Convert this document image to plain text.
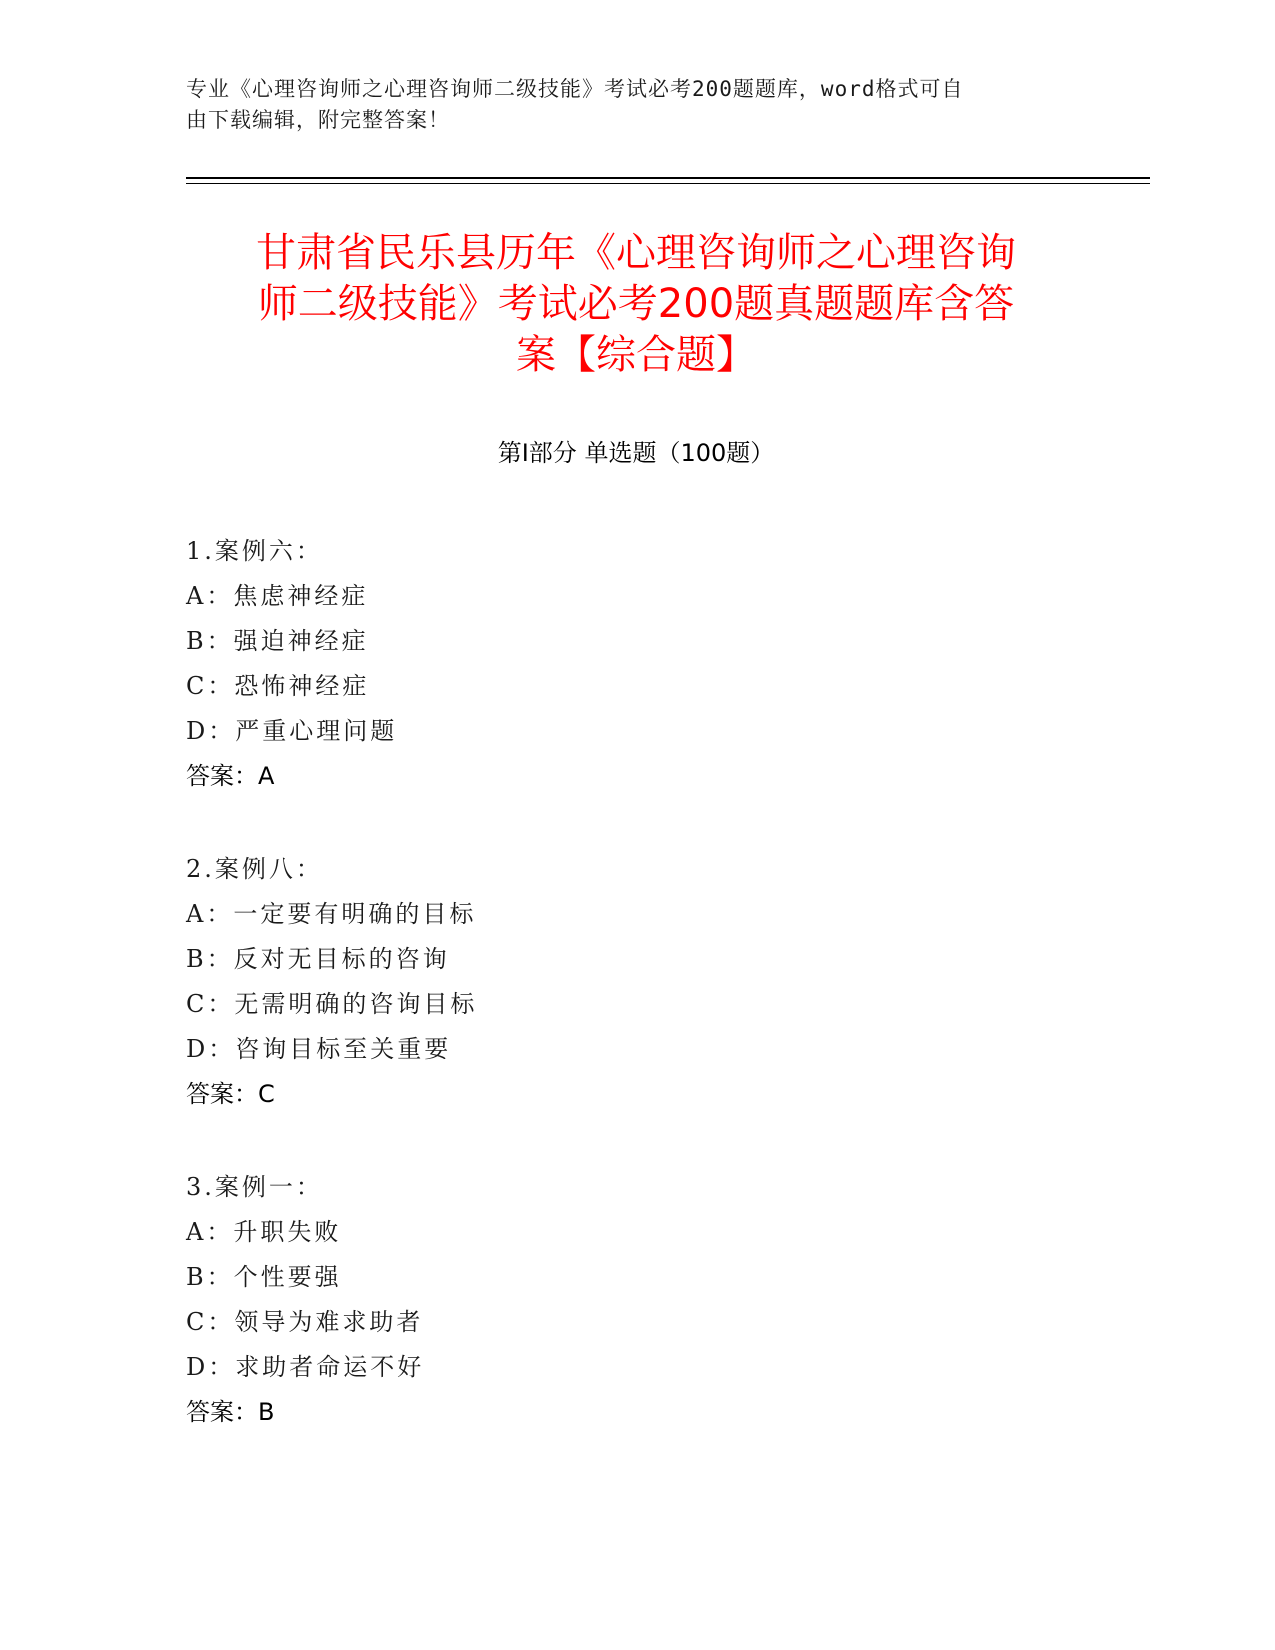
专业《心理咨询师之心理咨询师二级技能》考试必考200题题库，word格式可自
由下载编辑，附完整答案！
甘肃省民乐县历年《心理咨询师之心理咨询
师二级技能》考试必考200题真题题库含答
案【综合题】
第I部分 单选题（100题）
1.案例六：
A：焦虑神经症
B：强迫神经症
C：恐怖神经症
D：严重心理问题
答案：A
2.案例八：
A：一定要有明确的目标
B：反对无目标的咨询
C：无需明确的咨询目标
D：咨询目标至关重要
答案：C
3.案例一：
A：升职失败
B：个性要强
C：领导为难求助者
D：求助者命运不好
答案：B
